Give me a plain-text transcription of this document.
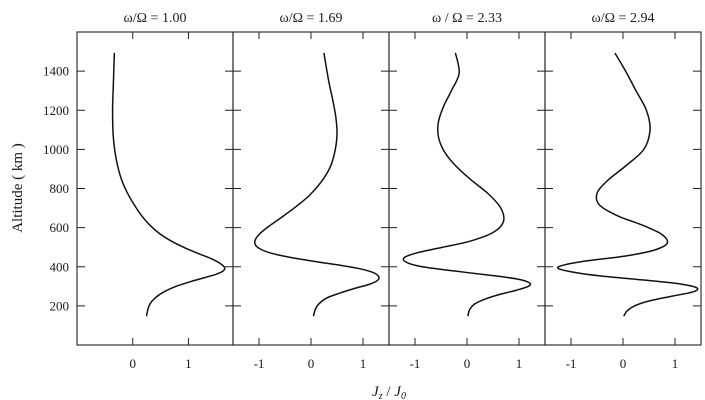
Altitude ( km )
$J_z / J_0$
ω/Ω = 1.00
200
400
600
800
1000
1200
1400
0	1
ω/Ω = 1.69
-1	0	1
ω / Ω = 2.33
-1	0	1
ω/Ω = 2.94
-1	0	1
